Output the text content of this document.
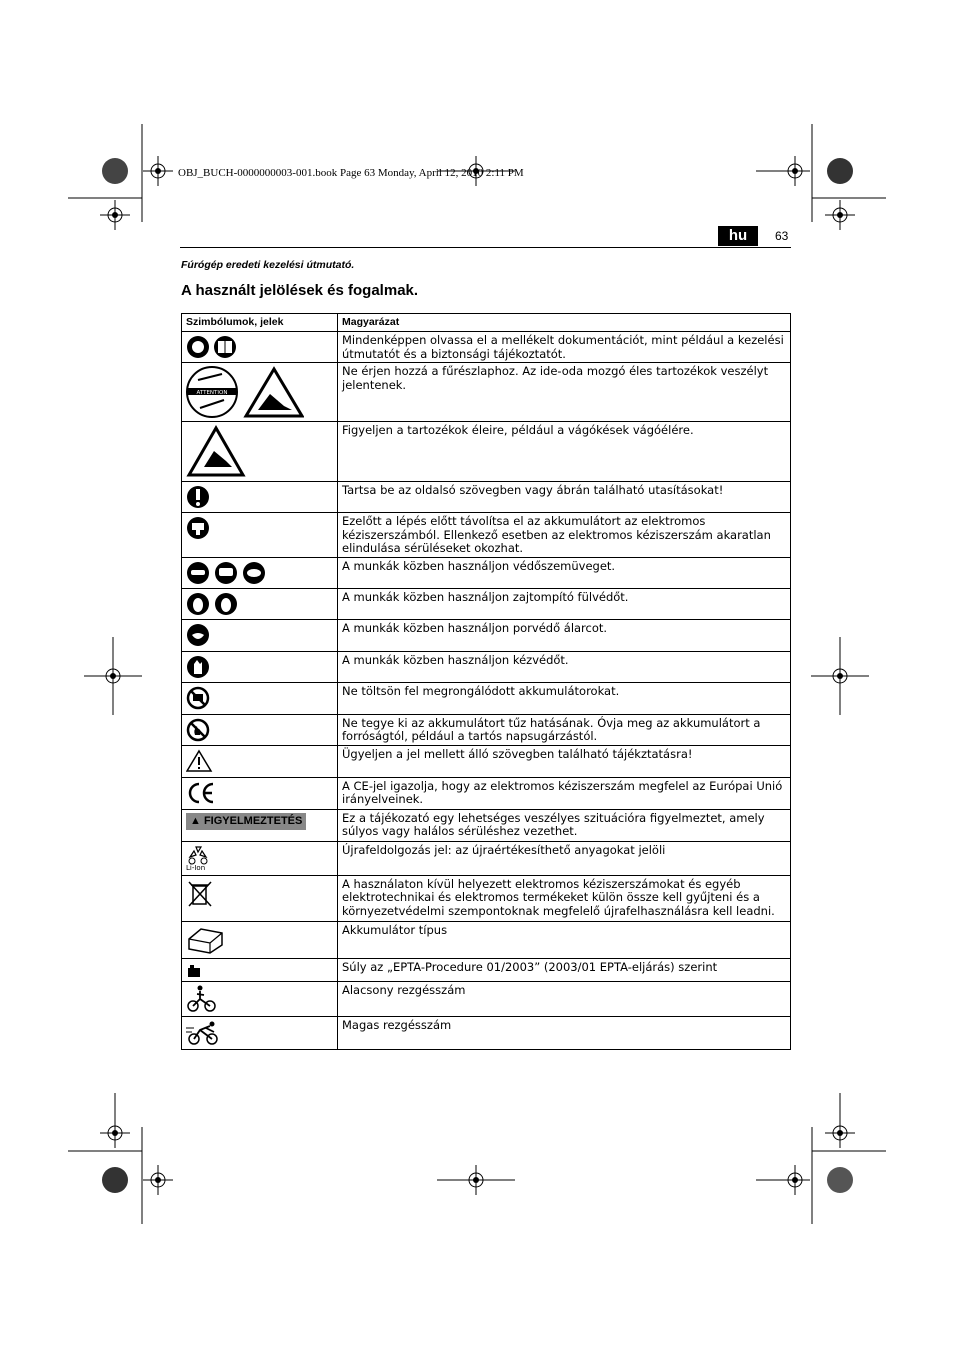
OBJ_BUCH-0000000003-001.book Page 63 Monday, April 12, 2010 2:11 PM
hu	63
Fúrógép eredeti kezelési útmutató.
A használt jelölések és fogalmak.
Szimbólumok, jelek	Magyarázat

	Mindenképpen olvassa el a mellékelt dokumentációt, mint például a kezelési útmutatót és a biztonsági tájékoztatót.

ATTENTION	Ne érjen hozzá a fűrészlaphoz. Az ide-oda mozgó éles tartozékok veszélyt jelentenek.

	Figyeljen a tartozékok éleire, például a vágókések vágóélére.

	Tartsa be az oldalsó szövegben vagy ábrán található utasításokat!

	Ezelőtt a lépés előtt távolítsa el az akkumulátort az elektromos kéziszerszámból. Ellenkező esetben az elektromos kéziszerszám akaratlan elindulása sérüléseket okozhat.

	A munkák közben használjon védőszemüveget.

	A munkák közben használjon zajtompító fülvédőt.

	A munkák közben használjon porvédő álarcot.

	A munkák közben használjon kézvédőt.

	Ne töltsön fel megrongálódott akkumulátorokat.

	Ne tegye ki az akkumulátort tűz hatásának. Óvja meg az akkumulátort a forróságtól, például a tartós napsugárzástól.

	Ügyeljen a jel mellett álló szövegben található tájékztatásra!

	A CE-jel igazolja, hogy az elektromos kéziszerszám megfelel az Európai Unió irányelveinek.
▲ FIGYELMEZTETÉS	Ez a tájékozató egy lehetséges veszélyes szituációra figyelmeztet, amely súlyos vagy halálos sérüléshez vezethet.

Li-Ion	Újrafeldolgozás jel: az újraértékesíthető anyagokat jelöli

	A használaton kívül helyezett elektromos kéziszerszámokat és egyéb elektrotechnikai és elektromos termékeket külön össze kell gyűjteni és a környezetvédelmi szempontoknak megfelelő újrafelhasználásra kell leadni.

	Akkumulátor típus

	Súly az „EPTA-Procedure 01/2003” (2003/01 EPTA-eljárás) szerint

	Alacsony rezgésszám

	Magas rezgésszám
